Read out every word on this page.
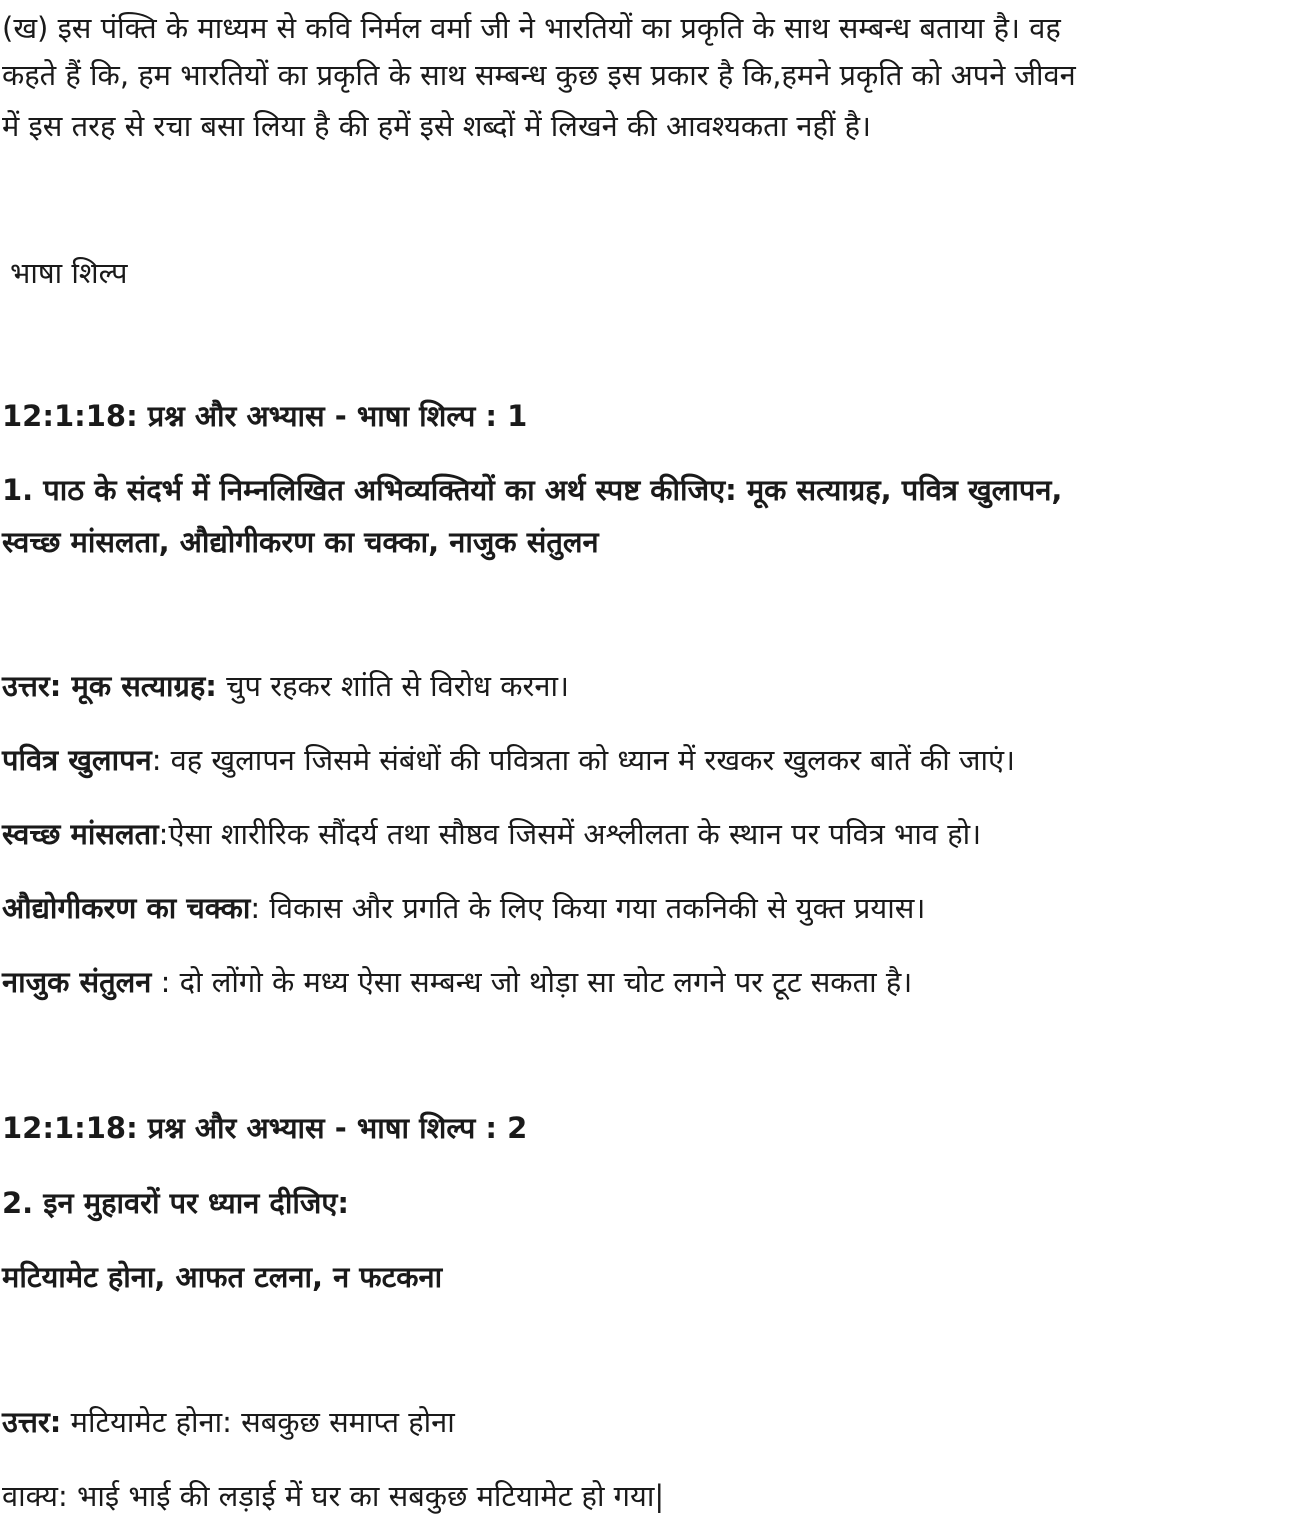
(ख) इस पंक्ति के माध्यम से कवि निर्मल वर्मा जी ने भारतियों का प्रकृति के साथ सम्बन्ध बताया है। वह
कहते हैं कि, हम भारतियों का प्रकृति के साथ सम्बन्ध कुछ इस प्रकार है कि,हमने प्रकृति को अपने जीवन
में इस तरह से रचा बसा लिया है की हमें इसे शब्दों में लिखने की आवश्यकता नहीं है।
भाषा शिल्प
12:1:18: प्रश्न और अभ्यास - भाषा शिल्प : 1
1. पाठ के संदर्भ में निम्नलिखित अभिव्यक्तियों का अर्थ स्पष्ट कीजिए: मूक सत्याग्रह, पवित्र खुलापन,
स्वच्छ मांसलता, औद्योगीकरण का चक्का, नाजुक संतुलन
उत्तर: मूक सत्याग्रह: चुप रहकर शांति से विरोध करना।
पवित्र खुलापन: वह खुलापन जिसमे संबंधों की पवित्रता को ध्यान में रखकर खुलकर बातें की जाएं।
स्वच्छ मांसलता:ऐसा शारीरिक सौंदर्य तथा सौष्ठव जिसमें अश्लीलता के स्थान पर पवित्र भाव हो।
औद्योगीकरण का चक्का: विकास और प्रगति के लिए किया गया तकनिकी से युक्त प्रयास।
नाजुक संतुलन : दो लोंगो के मध्य ऐसा सम्बन्ध जो थोड़ा सा चोट लगने पर टूट सकता है।
12:1:18: प्रश्न और अभ्यास - भाषा शिल्प : 2
2. इन मुहावरों पर ध्यान दीजिए:
मटियामेट होना, आफत टलना, न फटकना
उत्तर: मटियामेट होना: सबकुछ समाप्त होना
वाक्य: भाई भाई की लड़ाई में घर का सबकुछ मटियामेट हो गया|
